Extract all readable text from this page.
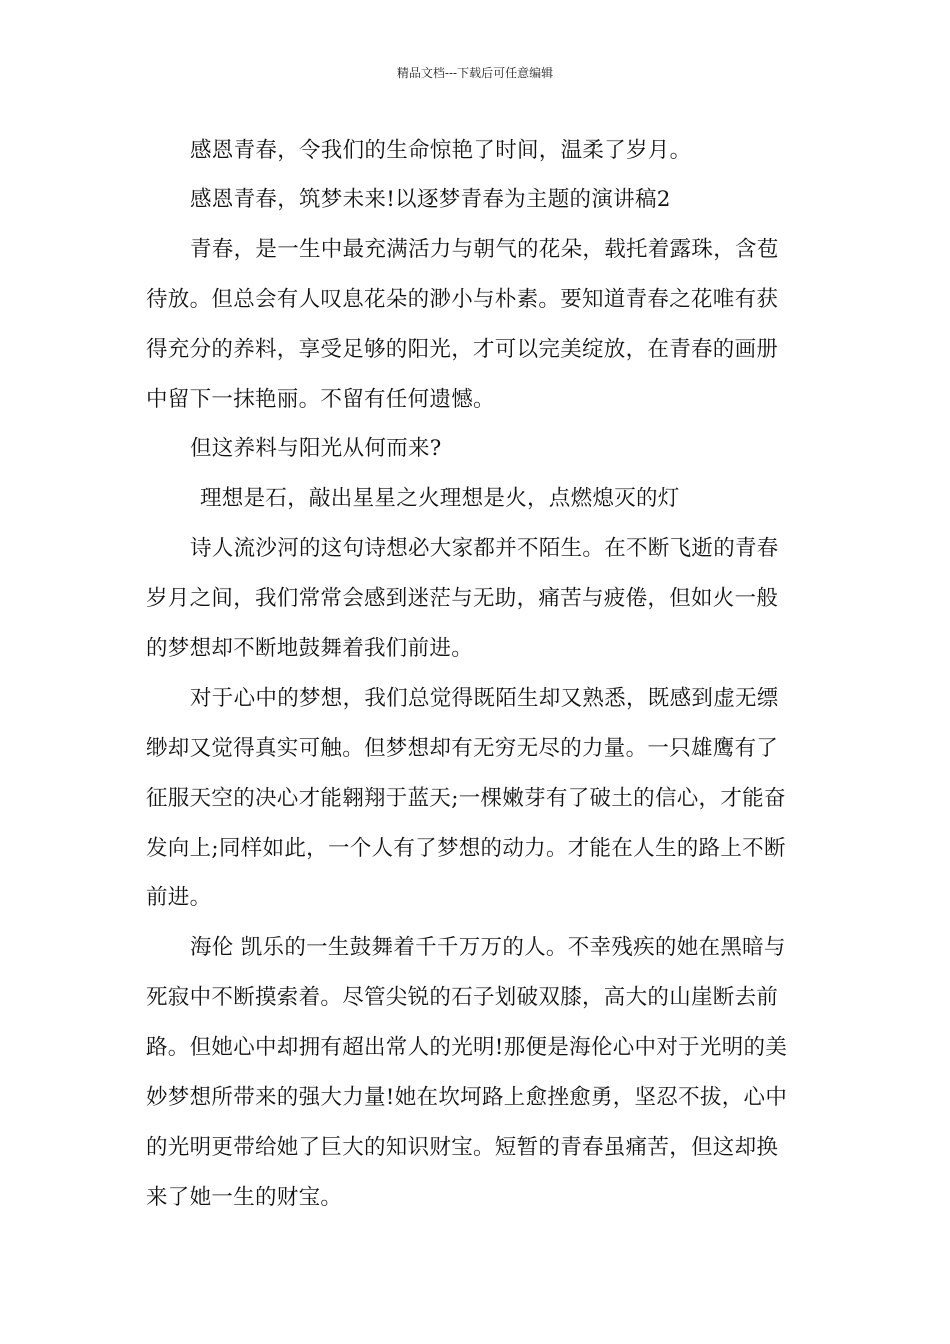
精品文档---下载后可任意编辑
感恩青春，令我们的生命惊艳了时间，温柔了岁月。
感恩青春，筑梦未来!以逐梦青春为主题的演讲稿2
青春，是一生中最充满活力与朝气的花朵，载托着露珠，含苞
待放。但总会有人叹息花朵的渺小与朴素。要知道青春之花唯有获
得充分的养料，享受足够的阳光，才可以完美绽放，在青春的画册
中留下一抹艳丽。不留有任何遗憾。
但这养料与阳光从何而来?
理想是石，敲出星星之火理想是火，点燃熄灭的灯
诗人流沙河的这句诗想必大家都并不陌生。在不断飞逝的青春
岁月之间，我们常常会感到迷茫与无助，痛苦与疲倦，但如火一般
的梦想却不断地鼓舞着我们前进。
对于心中的梦想，我们总觉得既陌生却又熟悉，既感到虚无缥
缈却又觉得真实可触。但梦想却有无穷无尽的力量。一只雄鹰有了
征服天空的决心才能翱翔于蓝天;一棵嫩芽有了破土的信心，才能奋
发向上;同样如此，一个人有了梦想的动力。才能在人生的路上不断
前进。
海伦 凯乐的一生鼓舞着千千万万的人。不幸残疾的她在黑暗与
死寂中不断摸索着。尽管尖锐的石子划破双膝，高大的山崖断去前
路。但她心中却拥有超出常人的光明!那便是海伦心中对于光明的美
妙梦想所带来的强大力量!她在坎坷路上愈挫愈勇，坚忍不拔，心中
的光明更带给她了巨大的知识财宝。短暂的青春虽痛苦，但这却换
来了她一生的财宝。
